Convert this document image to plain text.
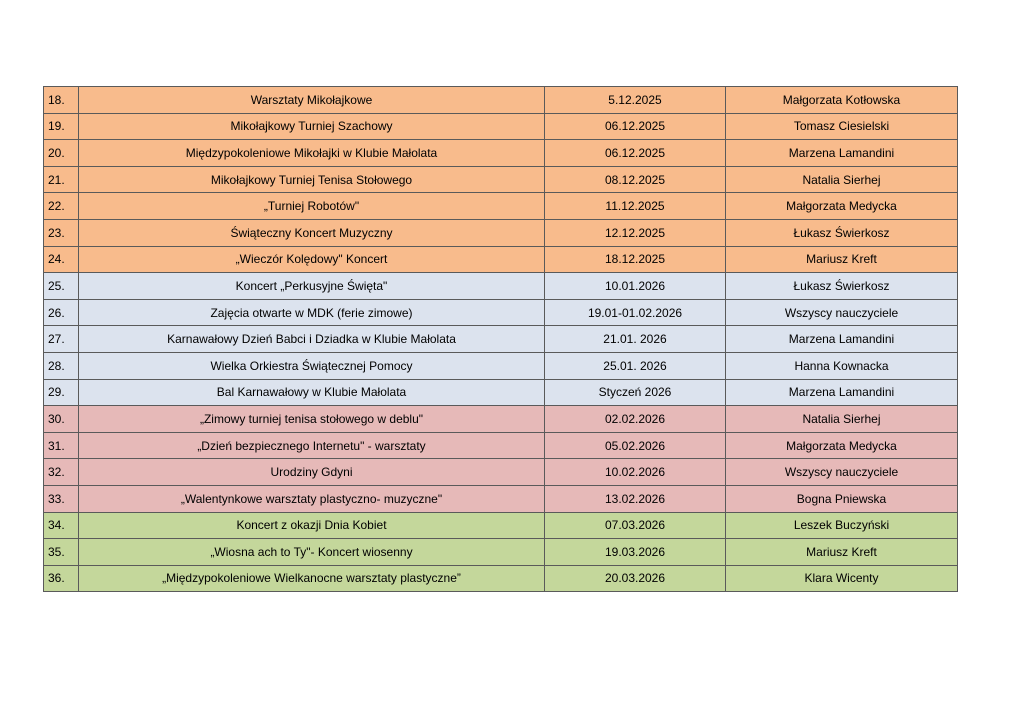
18.	Warsztaty Mikołajkowe	5.12.2025	Małgorzata Kotłowska
19.	Mikołajkowy Turniej Szachowy	06.12.2025	Tomasz Ciesielski
20.	Międzypokoleniowe Mikołajki w Klubie Małolata	06.12.2025	Marzena Lamandini
21.	Mikołajkowy Turniej Tenisa Stołowego	08.12.2025	Natalia Sierhej
22.	„Turniej Robotów"	11.12.2025	Małgorzata Medycka
23.	Świąteczny Koncert Muzyczny	12.12.2025	Łukasz Świerkosz
24.	„Wieczór Kolędowy" Koncert	18.12.2025	Mariusz Kreft
25.	Koncert „Perkusyjne Święta"	10.01.2026	Łukasz Świerkosz
26.	Zajęcia otwarte w MDK (ferie zimowe)	19.01-01.02.2026	Wszyscy nauczyciele
27.	Karnawałowy Dzień Babci i Dziadka w Klubie Małolata	21.01. 2026	Marzena Lamandini
28.	Wielka Orkiestra Świątecznej Pomocy	25.01. 2026	Hanna Kownacka
29.	Bal Karnawałowy w Klubie Małolata	Styczeń 2026	Marzena Lamandini
30.	„Zimowy turniej tenisa stołowego w deblu"	02.02.2026	Natalia Sierhej
31.	„Dzień bezpiecznego Internetu" - warsztaty	05.02.2026	Małgorzata Medycka
32.	Urodziny Gdyni	10.02.2026	Wszyscy nauczyciele
33.	„Walentynkowe warsztaty plastyczno- muzyczne"	13.02.2026	Bogna Pniewska
34.	Koncert z okazji Dnia Kobiet	07.03.2026	Leszek Buczyński
35.	„Wiosna ach to Ty"- Koncert wiosenny	19.03.2026	Mariusz Kreft
36.	„Międzypokoleniowe Wielkanocne warsztaty plastyczne”	20.03.2026	Klara Wicenty
